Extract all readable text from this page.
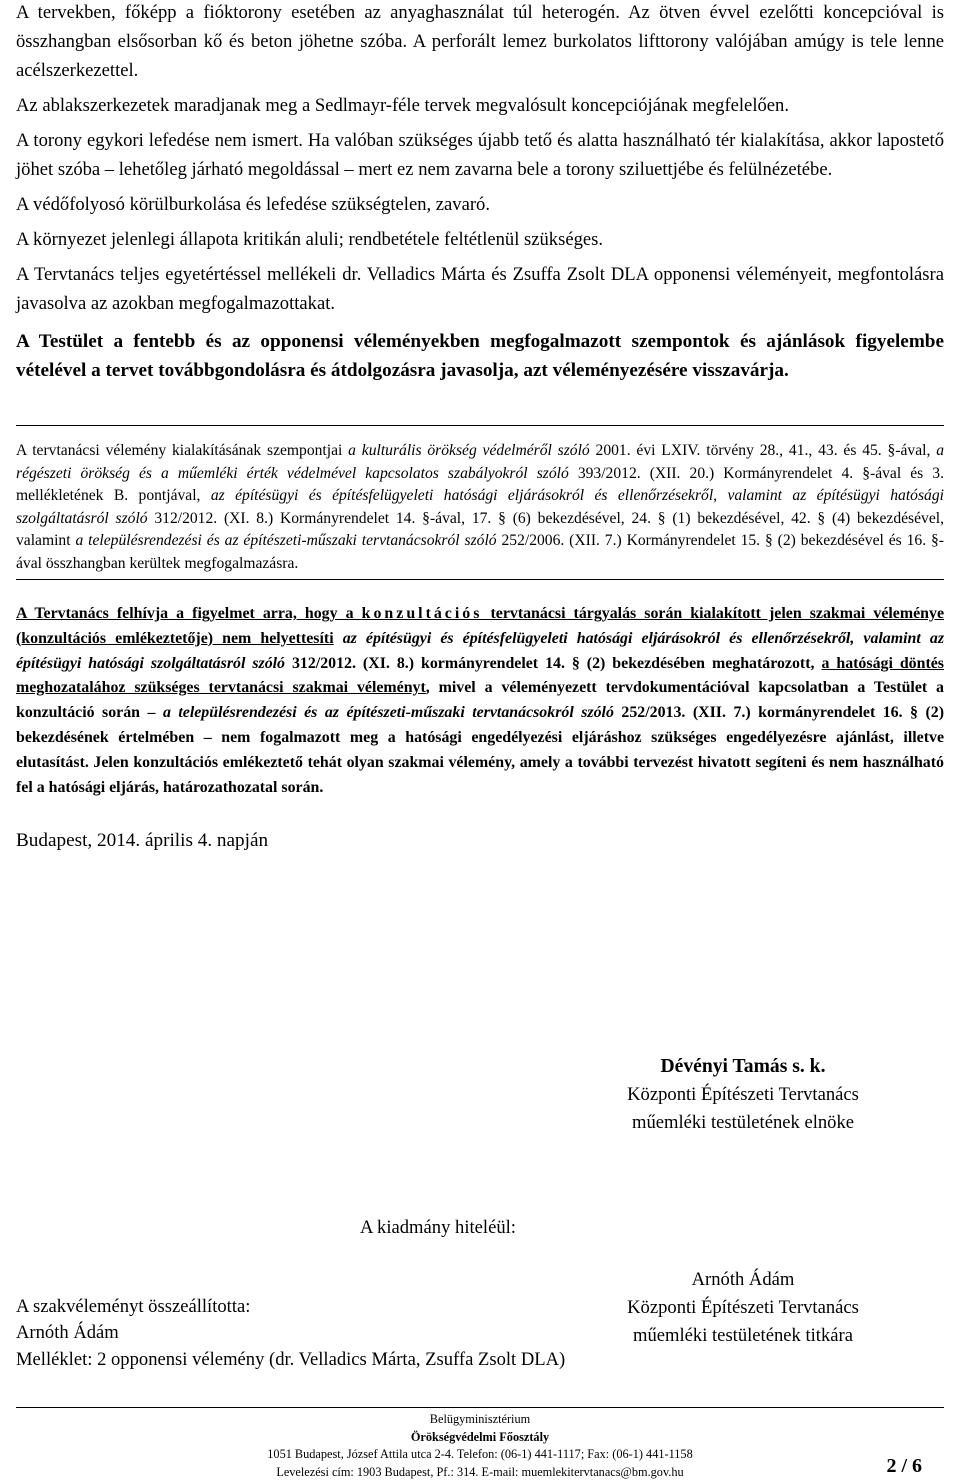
A tervekben, főképp a fióktorony esetében az anyaghasználat túl heterogén. Az ötven évvel ezelőtti koncepcióval is összhangban elsősorban kő és beton jöhetne szóba. A perforált lemez burkolatos lifttorony valójában amúgy is tele lenne acélszerkezettel.

Az ablakszerkezetek maradjanak meg a Sedlmayr-féle tervek megvalósult koncepciójának megfelelően.

A torony egykori lefedése nem ismert. Ha valóban szükséges újabb tető és alatta használható tér kialakítása, akkor lapostető jöhet szóba – lehetőleg járható megoldással – mert ez nem zavarna bele a torony sziluettjébe és felülnézetébe.

A védőfolyosó körülburkolása és lefedése szükségtelen, zavaró.

A környezet jelenlegi állapota kritikán aluli; rendbetétele feltétlenül szükséges.

A Tervtanács teljes egyetértéssel mellékeli dr. Velladics Márta és Zsuffa Zsolt DLA opponensi véleményeit, megfontolásra javasolva az azokban megfogalmazottakat.

A Testület a fentebb és az opponensi véleményekben megfogalmazott szempontok és ajánlások figyelembe vételével a tervet továbbgondolásra és átdolgozásra javasolja, azt véleményezésére visszavárja.

A tervtanácsi vélemény kialakításának szempontjai a kulturális örökség védelméről szóló 2001. évi LXIV. törvény 28., 41., 43. és 45. §-ával, a régészeti örökség és a műemléki érték védelmével kapcsolatos szabályokról szóló 393/2012. (XII. 20.) Kormányrendelet 4. §-ával és 3. mellékletének B. pontjával, az építésügyi és építésfelügyeleti hatósági eljárásokról és ellenőrzésekről, valamint az építésügyi hatósági szolgáltatásról szóló 312/2012. (XI. 8.) Kormányrendelet 14. §-ával, 17. § (6) bekezdésével, 24. § (1) bekezdésével, 42. § (4) bekezdésével, valamint a településrendezési és az építészeti-műszaki tervtanácsokról szóló 252/2006. (XII. 7.) Kormányrendelet 15. § (2) bekezdésével és 16. §-ával összhangban kerültek megfogalmazásra.

A Tervtanács felhívja a figyelmet arra, hogy a konzultációs tervtanácsi tárgyalás során kialakított jelen szakmai véleménye (konzultációs emlékeztetője) nem helyettesíti az építésügyi és építésfelügyeleti hatósági eljárásokról és ellenőrzésekről, valamint az építésügyi hatósági szolgáltatásról szóló 312/2012. (XI. 8.) kormányrendelet 14. § (2) bekezdésében meghatározott, a hatósági döntés meghozatalához szükséges tervtanácsi szakmai véleményt, mivel a véleményezett tervdokumentációval kapcsolatban a Testület a konzultáció során – a településrendezési és az építészeti-műszaki tervtanácsokról szóló 252/2013. (XII. 7.) kormányrendelet 16. § (2) bekezdésének értelmében – nem fogalmazott meg a hatósági engedélyezési eljáráshoz szükséges engedélyezésre ajánlást, illetve elutasítást. Jelen konzultációs emlékeztető tehát olyan szakmai vélemény, amely a további tervezést hivatott segíteni és nem használható fel a hatósági eljárás, határozathozatal során.

Budapest, 2014. április 4. napján
Dévényi Tamás s. k.
Központi Építészeti Tervtanács
műemléki testületének elnöke
A kiadmány hiteléül:
Arnóth Ádám
Központi Építészeti Tervtanács
műemléki testületének titkára
A szakvéleményt összeállította:
Arnóth Ádám
Melléklet: 2 opponensi vélemény (dr. Velladics Márta, Zsuffa Zsolt DLA)
Belügyminisztérium
Örökségvédelmi Főosztály
1051 Budapest, József Attila utca 2-4. Telefon: (06-1) 441-1117; Fax: (06-1) 441-1158
Levelezési cím: 1903 Budapest, Pf.: 314. E-mail: muemlekitervtanacs@bm.gov.hu	2 / 6
